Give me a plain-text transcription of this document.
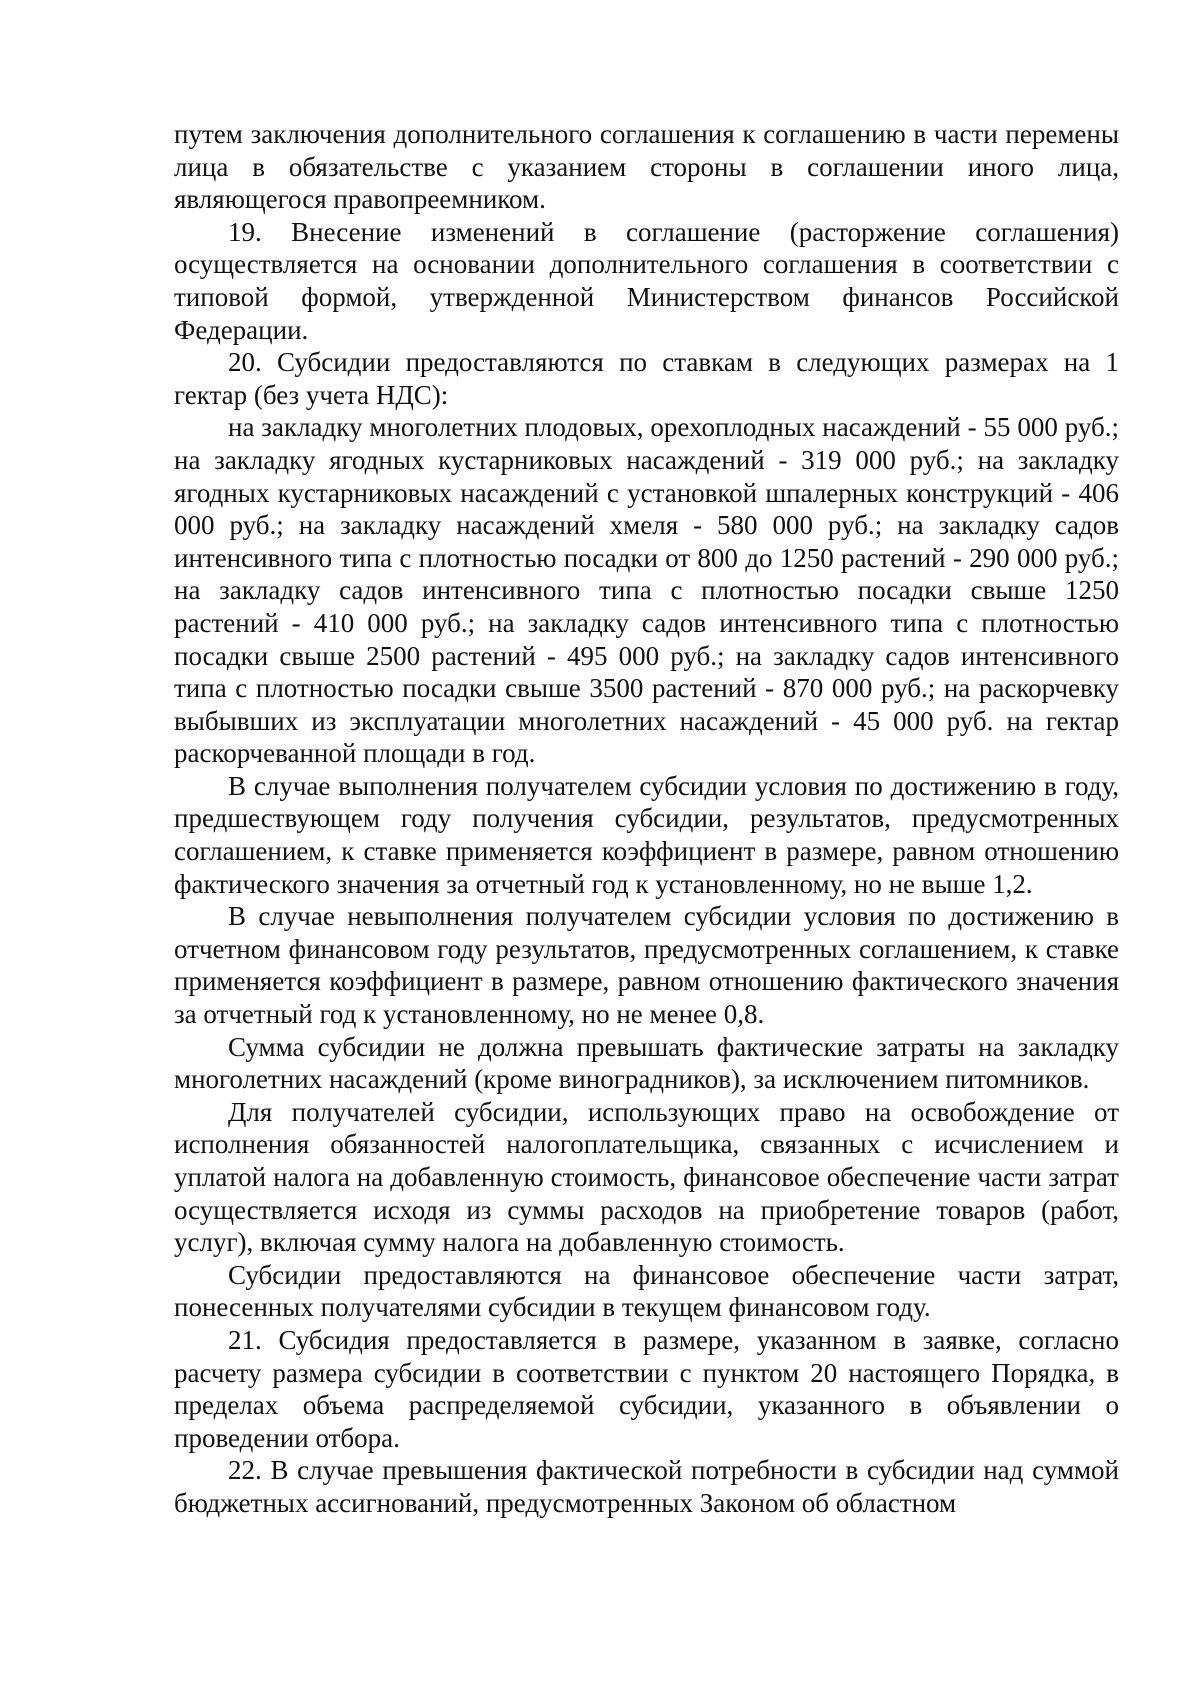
путем заключения дополнительного соглашения к соглашению в части перемены лица в обязательстве с указанием стороны в соглашении иного лица, являющегося правопреемником.

19. Внесение изменений в соглашение (расторжение соглашения) осуществляется на основании дополнительного соглашения в соответствии с типовой формой, утвержденной Министерством финансов Российской Федерации.

20. Субсидии предоставляются по ставкам в следующих размерах на 1 гектар (без учета НДС):

на закладку многолетних плодовых, орехоплодных насаждений - 55 000 руб.; на закладку ягодных кустарниковых насаждений - 319 000 руб.; на закладку ягодных кустарниковых насаждений с установкой шпалерных конструкций - 406 000 руб.; на закладку насаждений хмеля - 580 000 руб.; на закладку садов интенсивного типа с плотностью посадки от 800 до 1250 растений - 290 000 руб.; на закладку садов интенсивного типа с плотностью посадки свыше 1250 растений - 410 000 руб.; на закладку садов интенсивного типа с плотностью посадки свыше 2500 растений - 495 000 руб.; на закладку садов интенсивного типа с плотностью посадки свыше 3500 растений - 870 000 руб.; на раскорчевку выбывших из эксплуатации многолетних насаждений - 45 000 руб. на гектар раскорчеванной площади в год.

В случае выполнения получателем субсидии условия по достижению в году, предшествующем году получения субсидии, результатов, предусмотренных соглашением, к ставке применяется коэффициент в размере, равном отношению фактического значения за отчетный год к установленному, но не выше 1,2.

В случае невыполнения получателем субсидии условия по достижению в отчетном финансовом году результатов, предусмотренных соглашением, к ставке применяется коэффициент в размере, равном отношению фактического значения за отчетный год к установленному, но не менее 0,8.

Сумма субсидии не должна превышать фактические затраты на закладку многолетних насаждений (кроме виноградников), за исключением питомников.

Для получателей субсидии, использующих право на освобождение от исполнения обязанностей налогоплательщика, связанных с исчислением и уплатой налога на добавленную стоимость, финансовое обеспечение части затрат осуществляется исходя из суммы расходов на приобретение товаров (работ, услуг), включая сумму налога на добавленную стоимость.

Субсидии предоставляются на финансовое обеспечение части затрат, понесенных получателями субсидии в текущем финансовом году.

21. Субсидия предоставляется в размере, указанном в заявке, согласно расчету размера субсидии в соответствии с пунктом 20 настоящего Порядка, в пределах объема распределяемой субсидии, указанного в объявлении о проведении отбора.

22. В случае превышения фактической потребности в субсидии над суммой бюджетных ассигнований, предусмотренных Законом об областном
